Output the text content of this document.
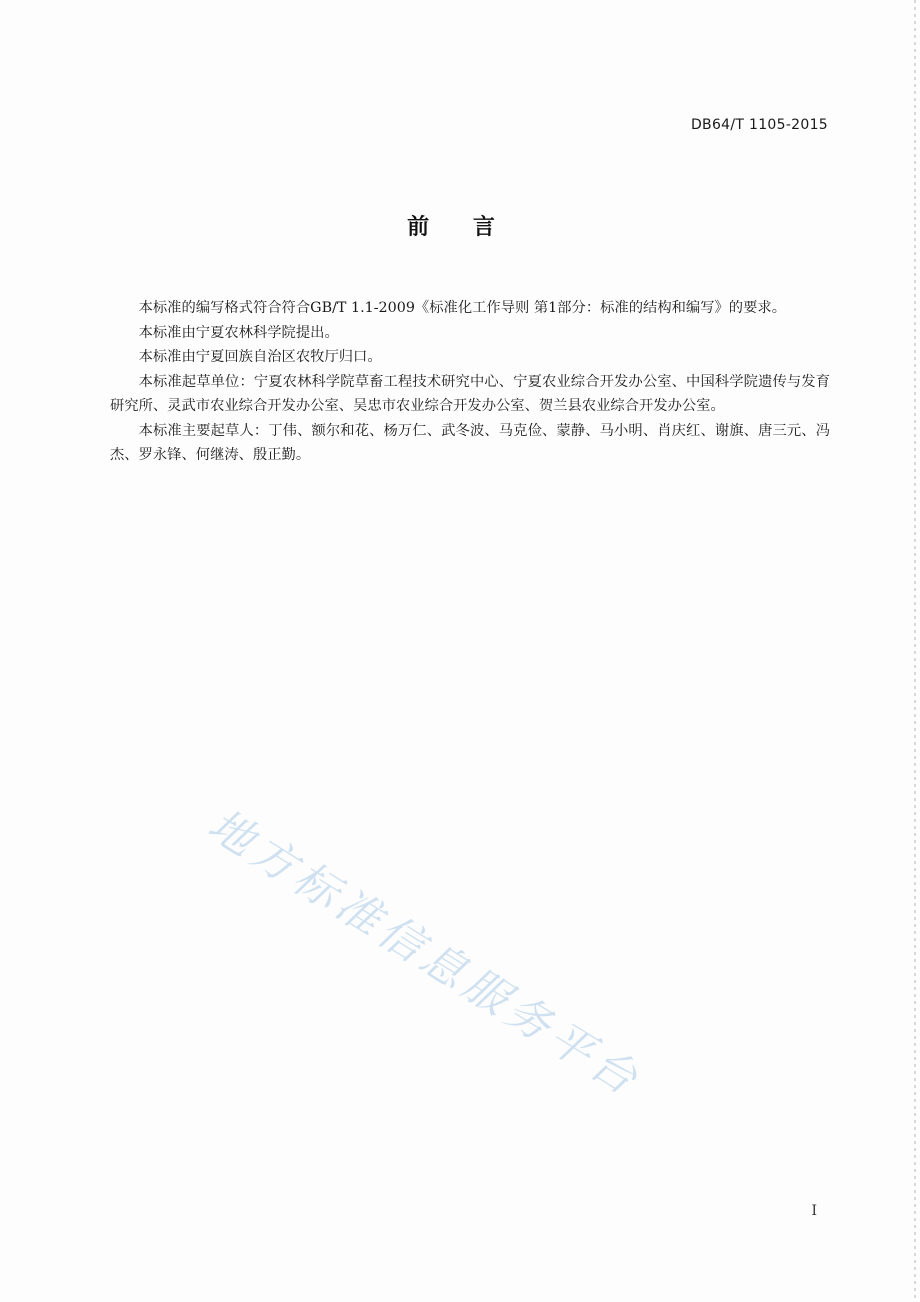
DB64/T 1105-2015
前 言

本标准的编写格式符合符合GB/T 1.1-2009《标准化工作导则 第1部分：标准的结构和编写》的要求。

本标准由宁夏农林科学院提出。

本标准由宁夏回族自治区农牧厅归口。

本标准起草单位：宁夏农林科学院草畜工程技术研究中心、宁夏农业综合开发办公室、中国科学院遗传与发育研究所、灵武市农业综合开发办公室、吴忠市农业综合开发办公室、贺兰县农业综合开发办公室。

本标准主要起草人：丁伟、额尔和花、杨万仁、武冬波、马克俭、蒙静、马小明、肖庆红、谢旗、唐三元、冯杰、罗永锋、何继涛、殷正勤。

地方标准信息服务平台
I
